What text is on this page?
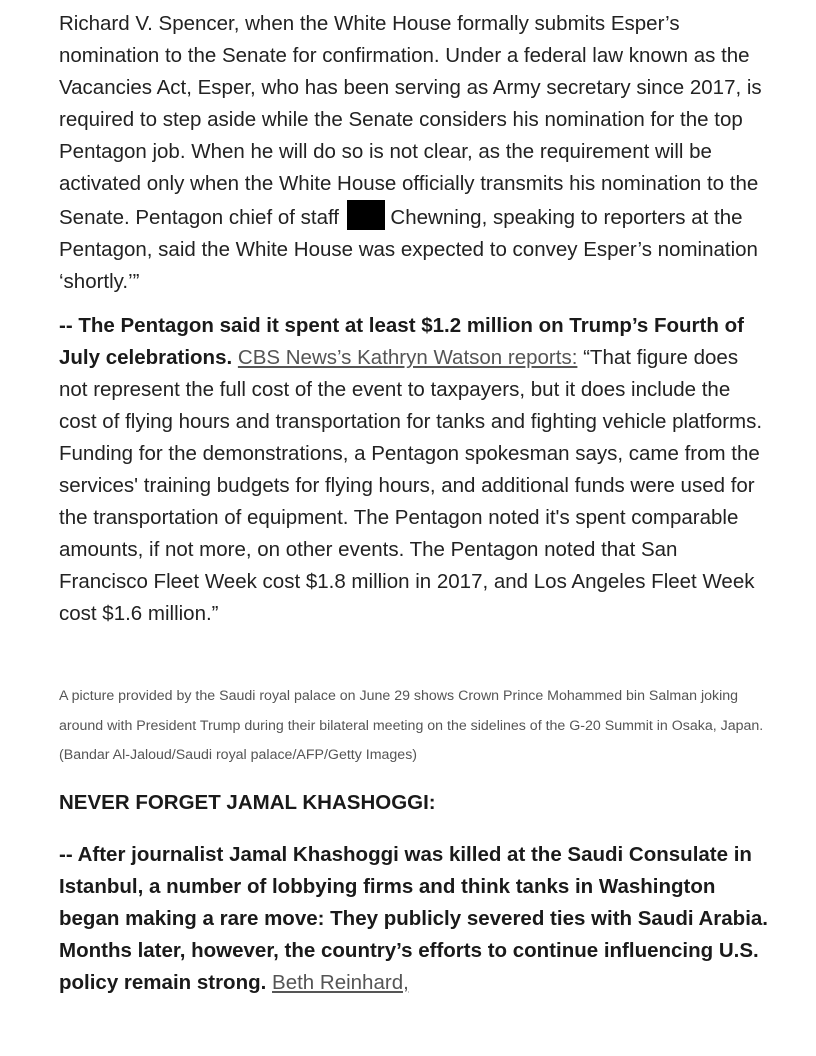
Richard V. Spencer, when the White House formally submits Esper’s nomination to the Senate for confirmation. Under a federal law known as the Vacancies Act, Esper, who has been serving as Army secretary since 2017, is required to step aside while the Senate considers his nomination for the top Pentagon job. When he will do so is not clear, as the requirement will be activated only when the White House officially transmits his nomination to the Senate. Pentagon chief of staff	Chewning, speaking to reporters at the Pentagon, said the White House was expected to convey Esper’s nomination ‘shortly.’”

-- The Pentagon said it spent at least $1.2 million on Trump’s Fourth of July celebrations. CBS News’s Kathryn Watson reports: “That figure does not represent the full cost of the event to taxpayers, but it does include the cost of flying hours and transportation for tanks and fighting vehicle platforms. Funding for the demonstrations, a Pentagon spokesman says, came from the services' training budgets for flying hours, and additional funds were used for the transportation of equipment. The Pentagon noted it's spent comparable amounts, if not more, on other events. The Pentagon noted that San Francisco Fleet Week cost $1.8 million in 2017, and Los Angeles Fleet Week cost $1.6 million.”

A picture provided by the Saudi royal palace on June 29 shows Crown Prince Mohammed bin Salman joking around with President Trump during their bilateral meeting on the sidelines of the G-20 Summit in Osaka, Japan. (Bandar Al-Jaloud/Saudi royal palace/AFP/Getty Images)

NEVER FORGET JAMAL KHASHOGGI:

-- After journalist Jamal Khashoggi was killed at the Saudi Consulate in Istanbul, a number of lobbying firms and think tanks in Washington began making a rare move: They publicly severed ties with Saudi Arabia. Months later, however, the country’s efforts to continue influencing U.S. policy remain strong. Beth Reinhard,
